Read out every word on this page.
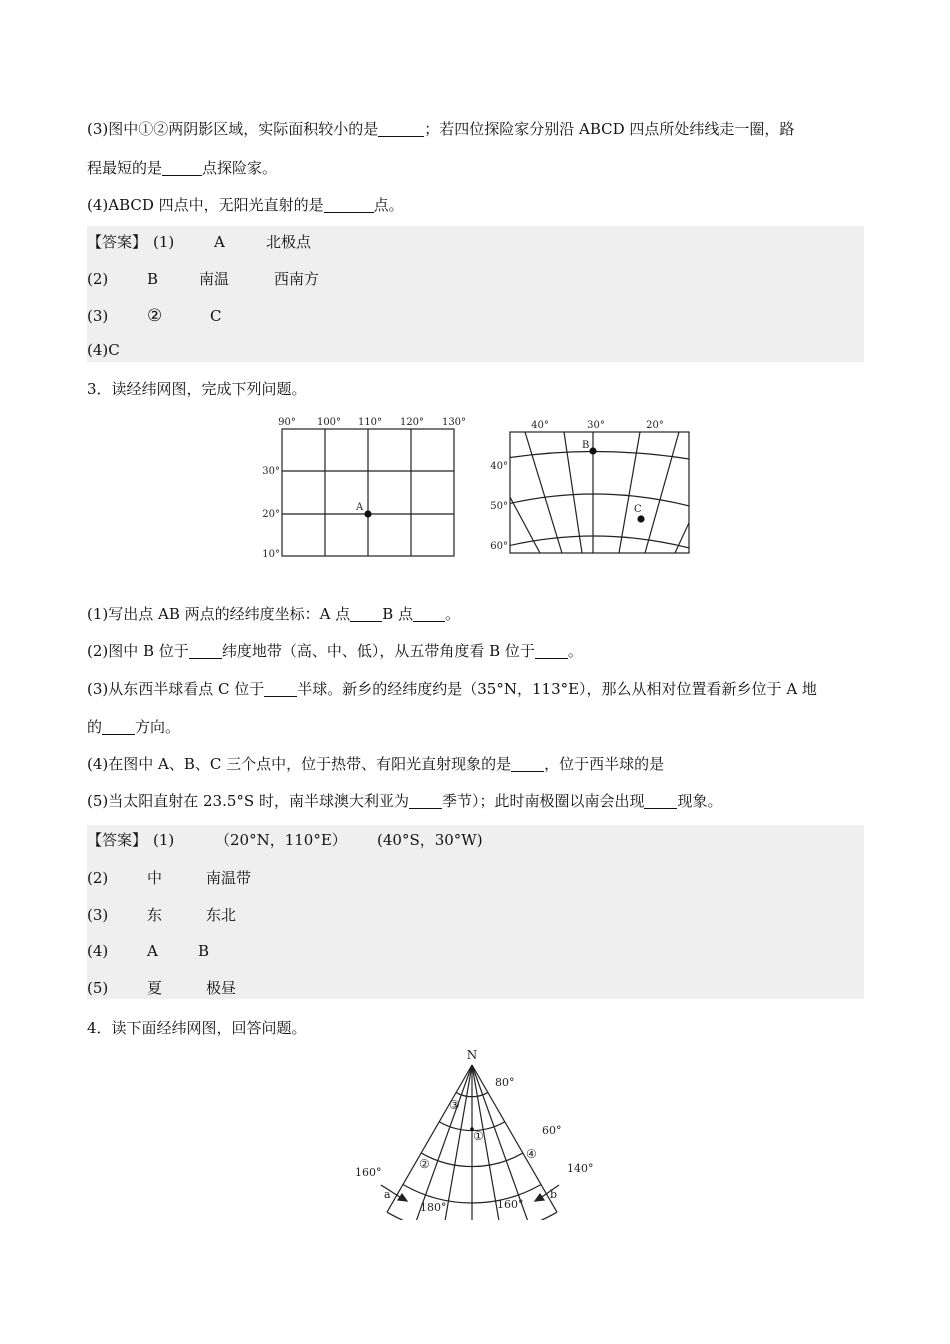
(3)图中①②两阴影区域，实际面积较小的是	；若四位探险家分别沿 ABCD 四点所处纬线走一圈，路
程最短的是	点探险家。
(4)ABCD 四点中，无阳光直射的是	点。
【答案】 (1)	A	北极点
(2)	B	南温	西南方
(3) ②	C
(4)C
3．读经纬网图，完成下列问题。
90° 100° 110° 120° 130°
30°
20°
10°
A
40°	30°	20°
40°
50°
60°
B
C
(1)写出点 AB 两点的经纬度坐标：A 点 B 点 。
(2)图中 B 位于 纬度地带（高、中、低），从五带角度看 B 位于 。
(3)从东西半球看点 C 位于 半球。新乡的经纬度约是（35°N，113°E），那么从相对位置看新乡位于 A 地
的 方向。
(4)在图中 A、B、C 三个点中，位于热带、有阳光直射现象的是 ，位于西半球的是
(5)当太阳直射在 23.5°S 时，南半球澳大利亚为 季节）；此时南极圈以南会出现 现象。
【答案】 (1)	（20°N，110°E） (40°S，30°W)
(2)	中	南温带
(3)	东	东北
(4)	A	B
(5)	夏	极昼
4．读下面经纬网图，回答问题。
N
80°
60°
160°
180°	160°
140°
①
②
③
④
a	b
